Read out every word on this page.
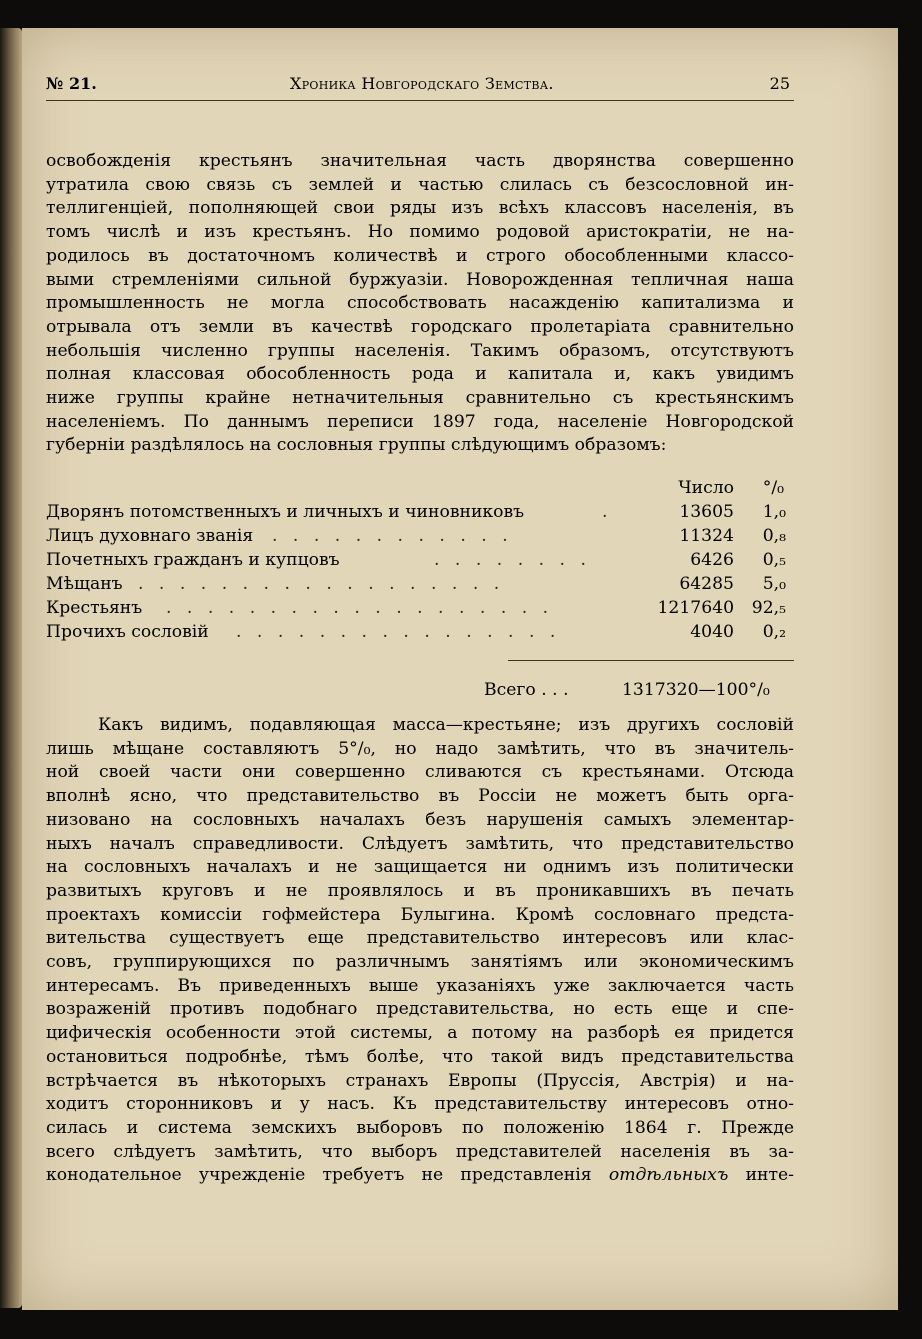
№ 21.	Хроника Новгородскаго Земства.	25

освобожденія крестьянъ значительная часть дворянства совершенно

утратила свою связь съ землей и частью слилась съ безсословной ин-

теллигенціей, пополняющей свои ряды изъ всѣхъ классовъ населенія, въ

томъ числѣ и изъ крестьянъ. Но помимо родовой аристократіи, не на-

родилось въ достаточномъ количествѣ и строго обособленными классо-

выми стремленіями сильной буржуазіи. Новорожденная тепличная наша

промышленность не могла способствовать насажденію капитализма и

отрывала отъ земли въ качествѣ городскаго пролетаріата сравнительно

небольшія численно группы населенія. Такимъ образомъ, отсутствуютъ

полная классовая обособленность рода и капитала и, какъ увидимъ

ниже группы крайне нетначительныя сравнительно съ крестьянскимъ

населеніемъ. По даннымъ переписи 1897 года, населеніе Новгородской

губерніи раздѣлялось на сословныя группы слѣдующимъ образомъ:

Число °/₀
Дворянъ потомственныхъ и личныхъ и чиновниковъ	.	13605 1,₀
Лицъ духовнаго званія . . . . . . . . . . . .	11324 0,₈
Почетныхъ гражданъ и купцовъ	. . . . . . . .	6426 0,₅
Мѣщанъ . . . . . . . . . . . . . . . . . .	64285 5,₀
Крестьянъ . . . . . . . . . . . . . . . . . . .	1217640 92,₅
Прочихъ сословій . . . . . . . . . . . . . . . .	4040 0,₂
Всего . . .	1317320—100°/₀

Какъ видимъ, подавляющая масса—крестьяне; изъ другихъ сословій

лишь мѣщане составляютъ 5°/₀, но надо замѣтить, что въ значитель-

ной своей части они совершенно сливаются съ крестьянами. Отсюда

вполнѣ ясно, что представительство въ Россіи не можетъ быть орга-

низовано на сословныхъ началахъ безъ нарушенія самыхъ элементар-

ныхъ началъ справедливости. Слѣдуетъ замѣтить, что представительство

на сословныхъ началахъ и не защищается ни однимъ изъ политически

развитыхъ круговъ и не проявлялось и въ проникавшихъ въ печать

проектахъ комиссіи гофмейстера Булыгина. Кромѣ сословнаго предста-

вительства существуетъ еще представительство интересовъ или клас-

совъ, группирующихся по различнымъ занятіямъ или экономическимъ

интересамъ. Въ приведенныхъ выше указаніяхъ уже заключается часть

возраженій противъ подобнаго представительства, но есть еще и спе-

цифическія особенности этой системы, а потому на разборѣ ея придется

остановиться подробнѣе, тѣмъ болѣе, что такой видъ представительства

встрѣчается въ нѣкоторыхъ странахъ Европы (Пруссія, Австрія) и на-

ходитъ сторонниковъ и у насъ. Къ представительству интересовъ отно-

силась и система земскихъ выборовъ по положенію 1864 г. Прежде

всего слѣдуетъ замѣтить, что выборъ представителей населенія въ за-

конодательное учрежденіе требуетъ не представленія отдѣльныхъ инте-
